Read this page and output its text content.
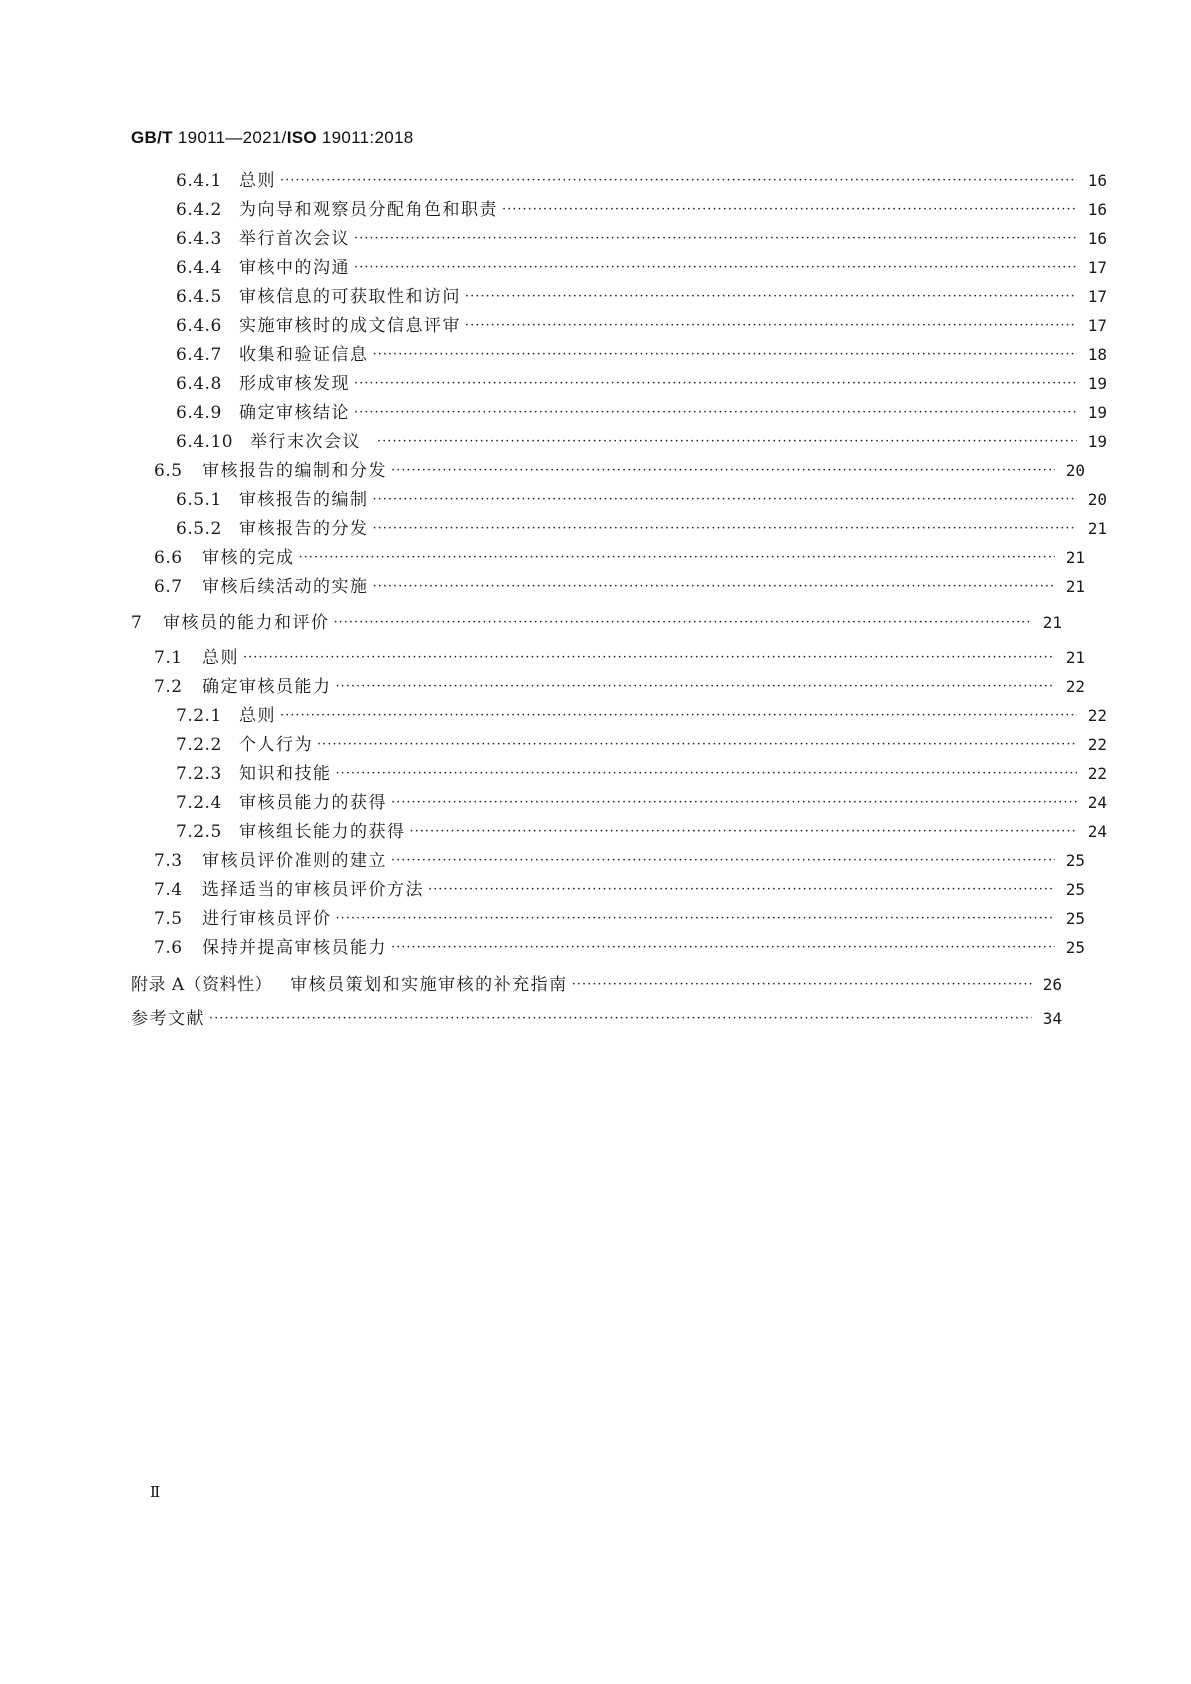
GB/T 19011—2021/ISO 19011:2018
6.4.1	总则 ·····	16
6.4.2	为向导和观察员分配角色和职责 ·····	16
6.4.3	举行首次会议 ·····	16
6.4.4	审核中的沟通 ·····	17
6.4.5	审核信息的可获取性和访问 ·····	17
6.4.6	实施审核时的成文信息评审 ·····	17
6.4.7	收集和验证信息 ·····	18
6.4.8	形成审核发现 ·····	19
6.4.9	确定审核结论 ·····	19
6.4.10 举行末次会议 ·····	19
6.5	审核报告的编制和分发 ·····	20
6.5.1	审核报告的编制 ·····	20
6.5.2	审核报告的分发 ·····	21
6.6	审核的完成 ·····	21
6.7	审核后续活动的实施 ·····	21
7	审核员的能力和评价 ·····	21
7.1	总则 ·····	21
7.2	确定审核员能力 ·····	22
7.2.1	总则 ·····	22
7.2.2	个人行为 ·····	22
7.2.3	知识和技能 ·····	22
7.2.4	审核员能力的获得 ·····	24
7.2.5	审核组长能力的获得 ·····	24
7.3	审核员评价准则的建立 ·····	25
7.4	选择适当的审核员评价方法 ·····	25
7.5	进行审核员评价 ·····	25
7.6	保持并提高审核员能力 ·····	25
附录 A（资料性） 审核员策划和实施审核的补充指南 ·····	26
参考文献 ·····	34
Ⅱ
